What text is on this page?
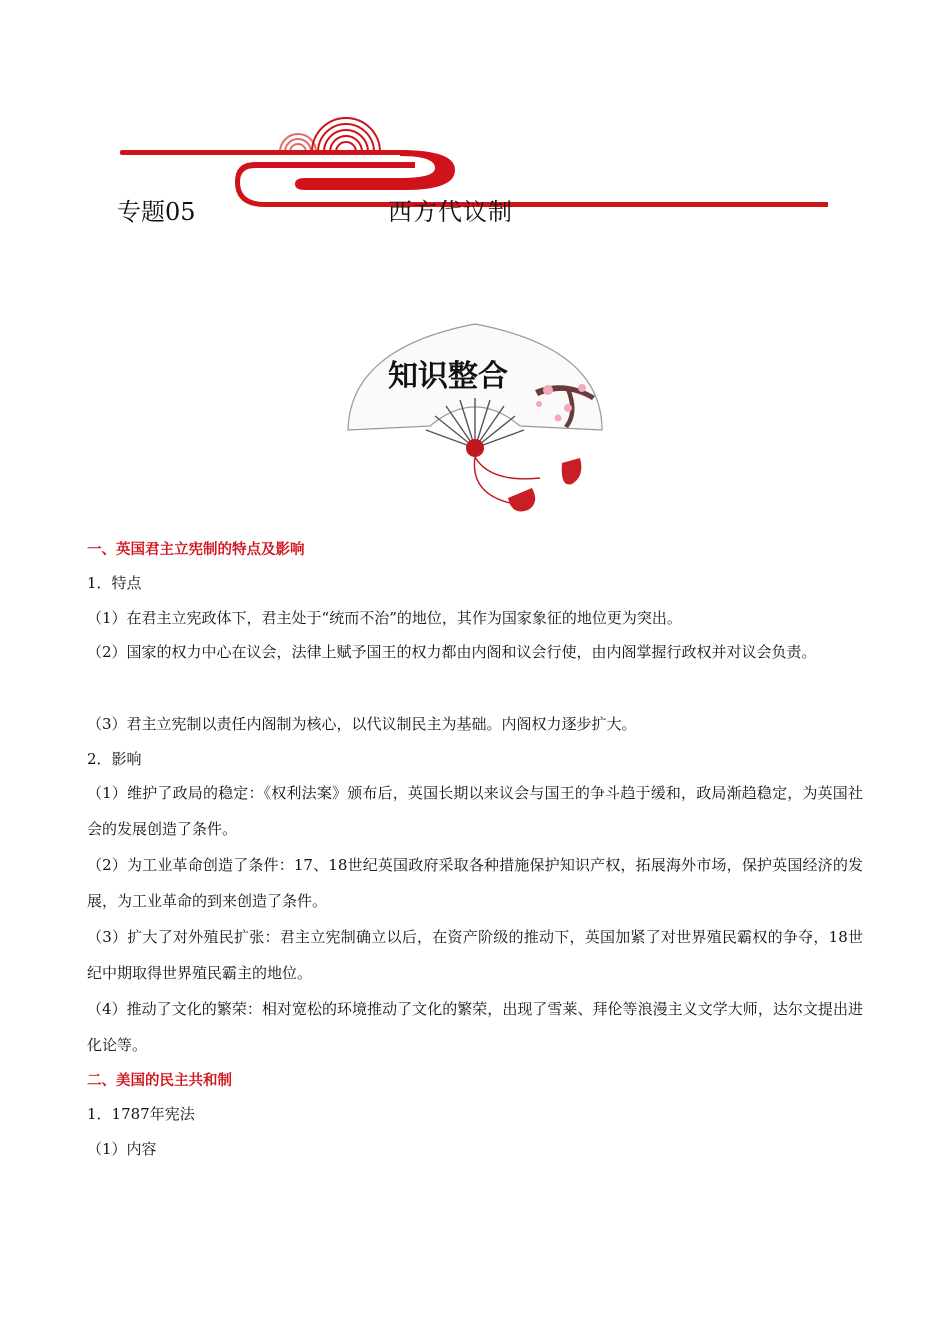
专题05	西方代议制
知识整合
一、英国君主立宪制的特点及影响
1．特点
（1）在君主立宪政体下，君主处于“统而不治”的地位，其作为国家象征的地位更为突出。
（2）国家的权力中心在议会，法律上赋予国王的权力都由内阁和议会行使，由内阁掌握行政权并对议会负责。
（3）君主立宪制以责任内阁制为核心，以代议制民主为基础。内阁权力逐步扩大。
2．影响
（1）维护了政局的稳定：《权利法案》颁布后，英国长期以来议会与国王的争斗趋于缓和，政局渐趋稳定，为英国社会的发展创造了条件。
（2）为工业革命创造了条件：17、18世纪英国政府采取各种措施保护知识产权，拓展海外市场，保护英国经济的发展，为工业革命的到来创造了条件。
（3）扩大了对外殖民扩张：君主立宪制确立以后，在资产阶级的推动下，英国加紧了对世界殖民霸权的争夺，18世纪中期取得世界殖民霸主的地位。
（4）推动了文化的繁荣：相对宽松的环境推动了文化的繁荣，出现了雪莱、拜伦等浪漫主义文学大师，达尔文提出进化论等。
二、美国的民主共和制
1．1787年宪法
（1）内容
